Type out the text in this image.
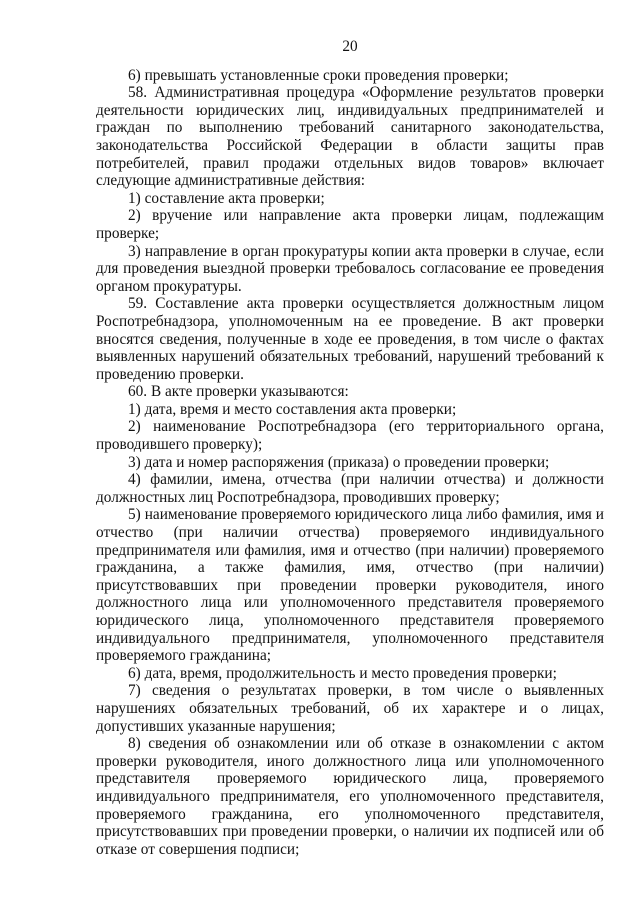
20

6) превышать установленные сроки проведения проверки;

58. Административная процедура «Оформление результатов проверки деятельности юридических лиц, индивидуальных предпринимателей и граждан по выполнению требований санитарного законодательства, законодательства Российской Федерации в области защиты прав потребителей, правил продажи отдельных видов товаров» включает следующие административные действия:

1) составление акта проверки;

2) вручение или направление акта проверки лицам, подлежащим проверке;

3) направление в орган прокуратуры копии акта проверки в случае, если для проведения выездной проверки требовалось согласование ее проведения органом прокуратуры.

59. Составление акта проверки осуществляется должностным лицом Роспотребнадзора, уполномоченным на ее проведение. В акт проверки вносятся сведения, полученные в ходе ее проведения, в том числе о фактах выявленных нарушений обязательных требований, нарушений требований к проведению проверки.

60. В акте проверки указываются:

1) дата, время и место составления акта проверки;

2) наименование Роспотребнадзора (его территориального органа, проводившего проверку);

3) дата и номер распоряжения (приказа) о проведении проверки;

4) фамилии, имена, отчества (при наличии отчества) и должности должностных лиц Роспотребнадзора, проводивших проверку;

5) наименование проверяемого юридического лица либо фамилия, имя и отчество (при наличии отчества) проверяемого индивидуального предпринимателя или фамилия, имя и отчество (при наличии) проверяемого гражданина, а также фамилия, имя, отчество (при наличии) присутствовавших при проведении проверки руководителя, иного должностного лица или уполномоченного представителя проверяемого юридического лица, уполномоченного представителя проверяемого индивидуального предпринимателя, уполномоченного представителя проверяемого гражданина;

6) дата, время, продолжительность и место проведения проверки;

7) сведения о результатах проверки, в том числе о выявленных нарушениях обязательных требований, об их характере и о лицах, допустивших указанные нарушения;

8) сведения об ознакомлении или об отказе в ознакомлении с актом проверки руководителя, иного должностного лица или уполномоченного представителя проверяемого юридического лица, проверяемого индивидуального предпринимателя, его уполномоченного представителя, проверяемого гражданина, его уполномоченного представителя, присутствовавших при проведении проверки, о наличии их подписей или об отказе от совершения подписи;
